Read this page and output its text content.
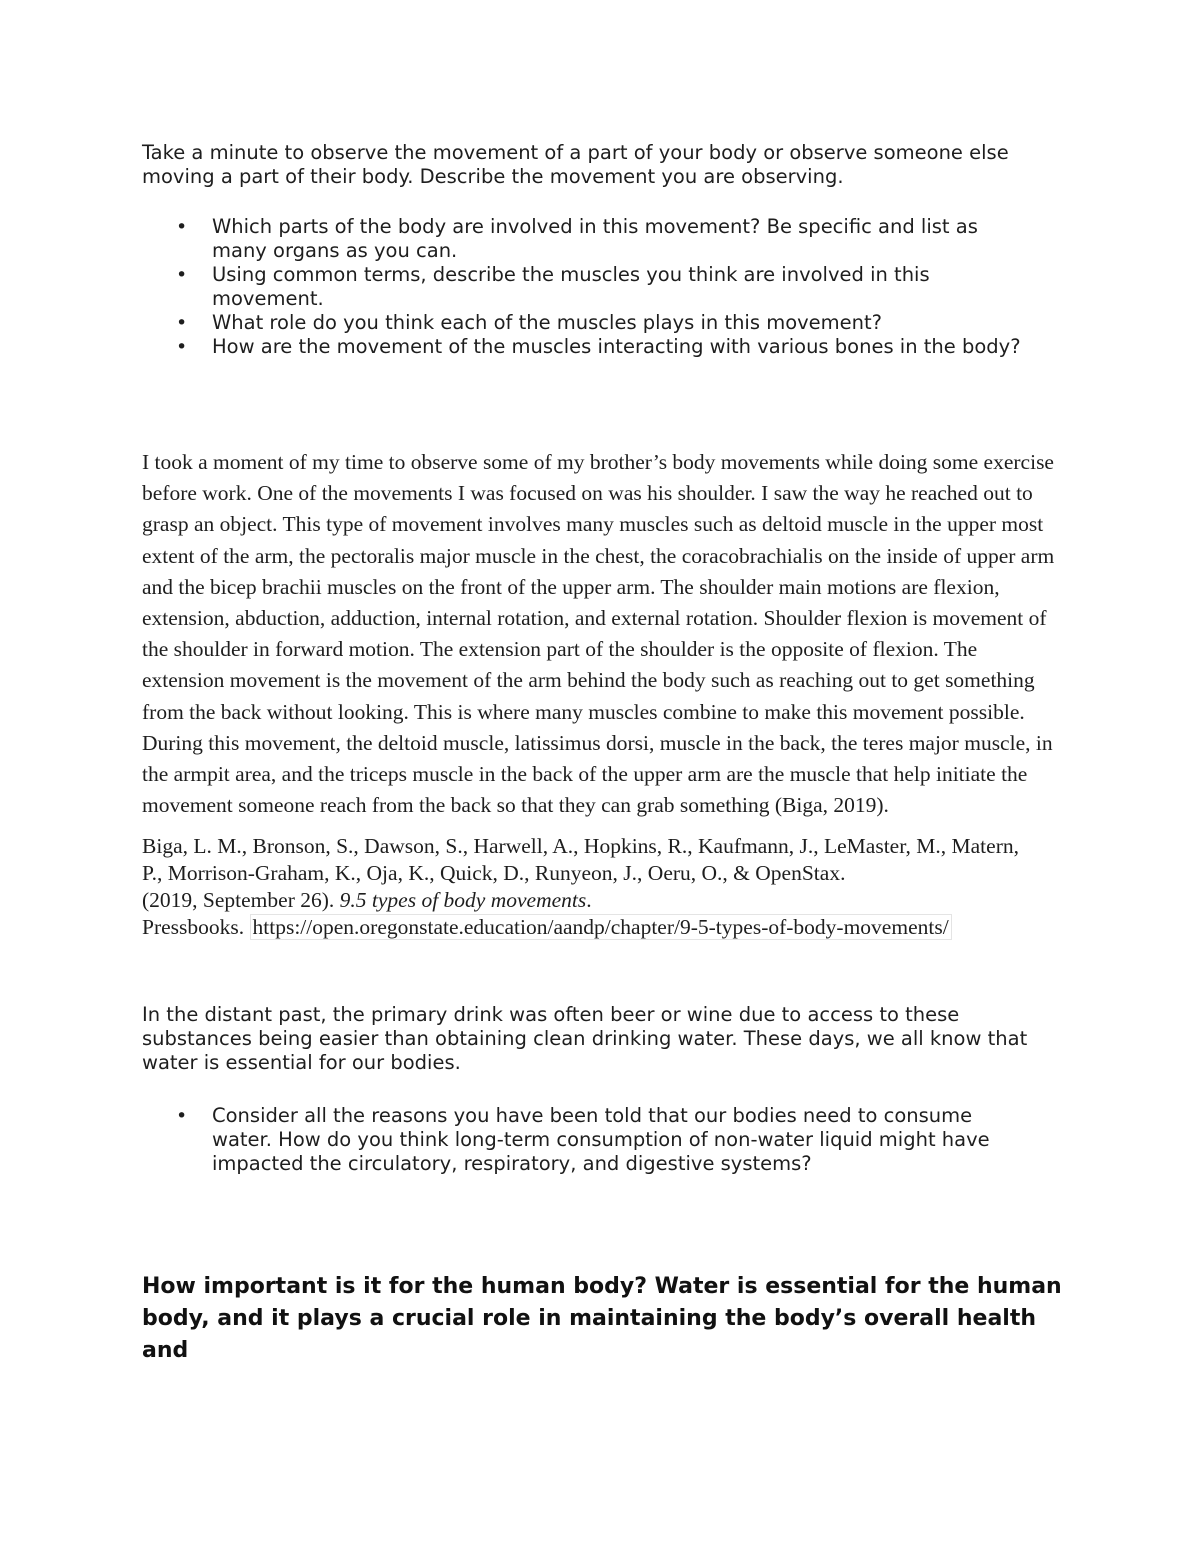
Take a minute to observe the movement of a part of your body or observe someone else moving a part of their body. Describe the movement you are observing.

• Which parts of the body are involved in this movement? Be specific and list as many organs as you can.
• Using common terms, describe the muscles you think are involved in this movement.
• What role do you think each of the muscles plays in this movement?
• How are the movement of the muscles interacting with various bones in the body?

I took a moment of my time to observe some of my brother’s body movements while doing some exercise before work. One of the movements I was focused on was his shoulder. I saw the way he reached out to grasp an object. This type of movement involves many muscles such as deltoid muscle in the upper most extent of the arm, the pectoralis major muscle in the chest, the coracobrachialis on the inside of upper arm and the bicep brachii muscles on the front of the upper arm. The shoulder main motions are flexion, extension, abduction, adduction, internal rotation, and external rotation. Shoulder flexion is movement of the shoulder in forward motion. The extension part of the shoulder is the opposite of flexion. The extension movement is the movement of the arm behind the body such as reaching out to get something from the back without looking. This is where many muscles combine to make this movement possible. During this movement, the deltoid muscle, latissimus dorsi, muscle in the back, the teres major muscle, in the armpit area, and the triceps muscle in the back of the upper arm are the muscle that help initiate the movement someone reach from the back so that they can grab something (Biga, 2019).

Biga, L. M., Bronson, S., Dawson, S., Harwell, A., Hopkins, R., Kaufmann, J., LeMaster, M., Matern, P., Morrison-Graham, K., Oja, K., Quick, D., Runyeon, J., Oeru, O., & OpenStax.
(2019, September 26). 9.5 types of body movements.
Pressbooks. https://open.oregonstate.education/aandp/chapter/9-5-types-of-body-movements/

In the distant past, the primary drink was often beer or wine due to access to these substances being easier than obtaining clean drinking water. These days, we all know that water is essential for our bodies.

• Consider all the reasons you have been told that our bodies need to consume water. How do you think long-term consumption of non-water liquid might have impacted the circulatory, respiratory, and digestive systems?

How important is it for the human body? Water is essential for the human body, and it plays a crucial role in maintaining the body’s overall health and
